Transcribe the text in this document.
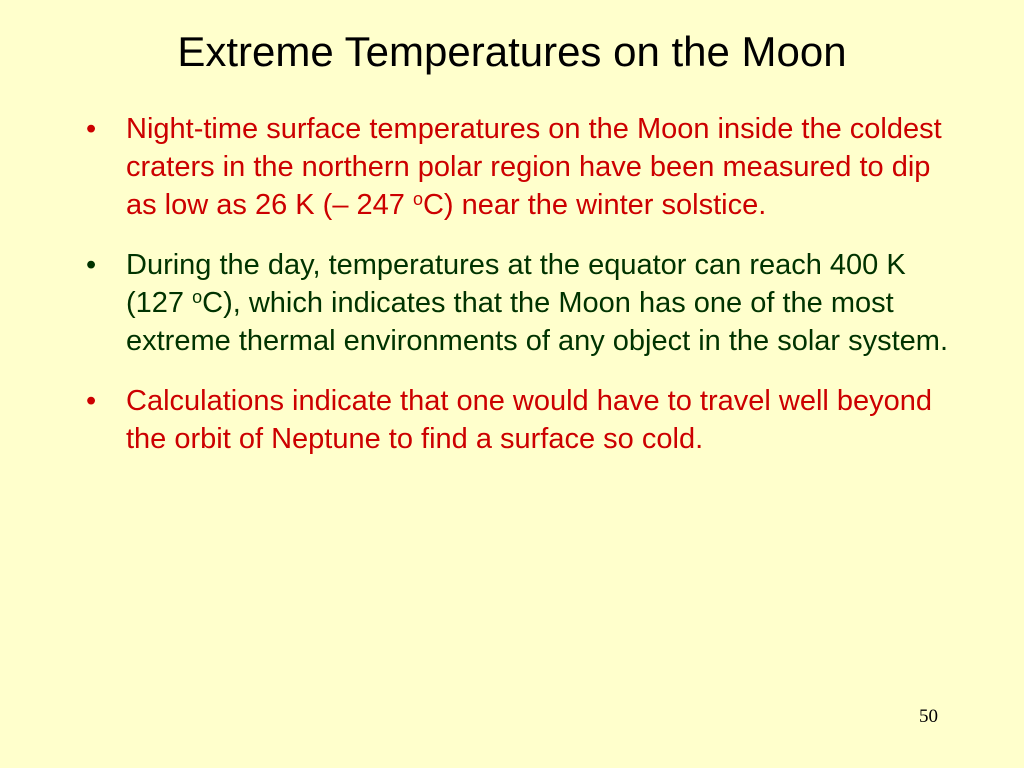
Extreme Temperatures on the Moon
•	Night-time surface temperatures on the Moon inside the coldest craters in the northern polar region have been measured to dip as low as 26 K (– 247 $^o$C) near the winter solstice.
•	During the day, temperatures at the equator can reach 400 K (127 $^o$C), which indicates that the Moon has one of the most extreme thermal environments of any object in the solar system.
•	Calculations indicate that one would have to travel well beyond the orbit of Neptune to find a surface so cold.
50
